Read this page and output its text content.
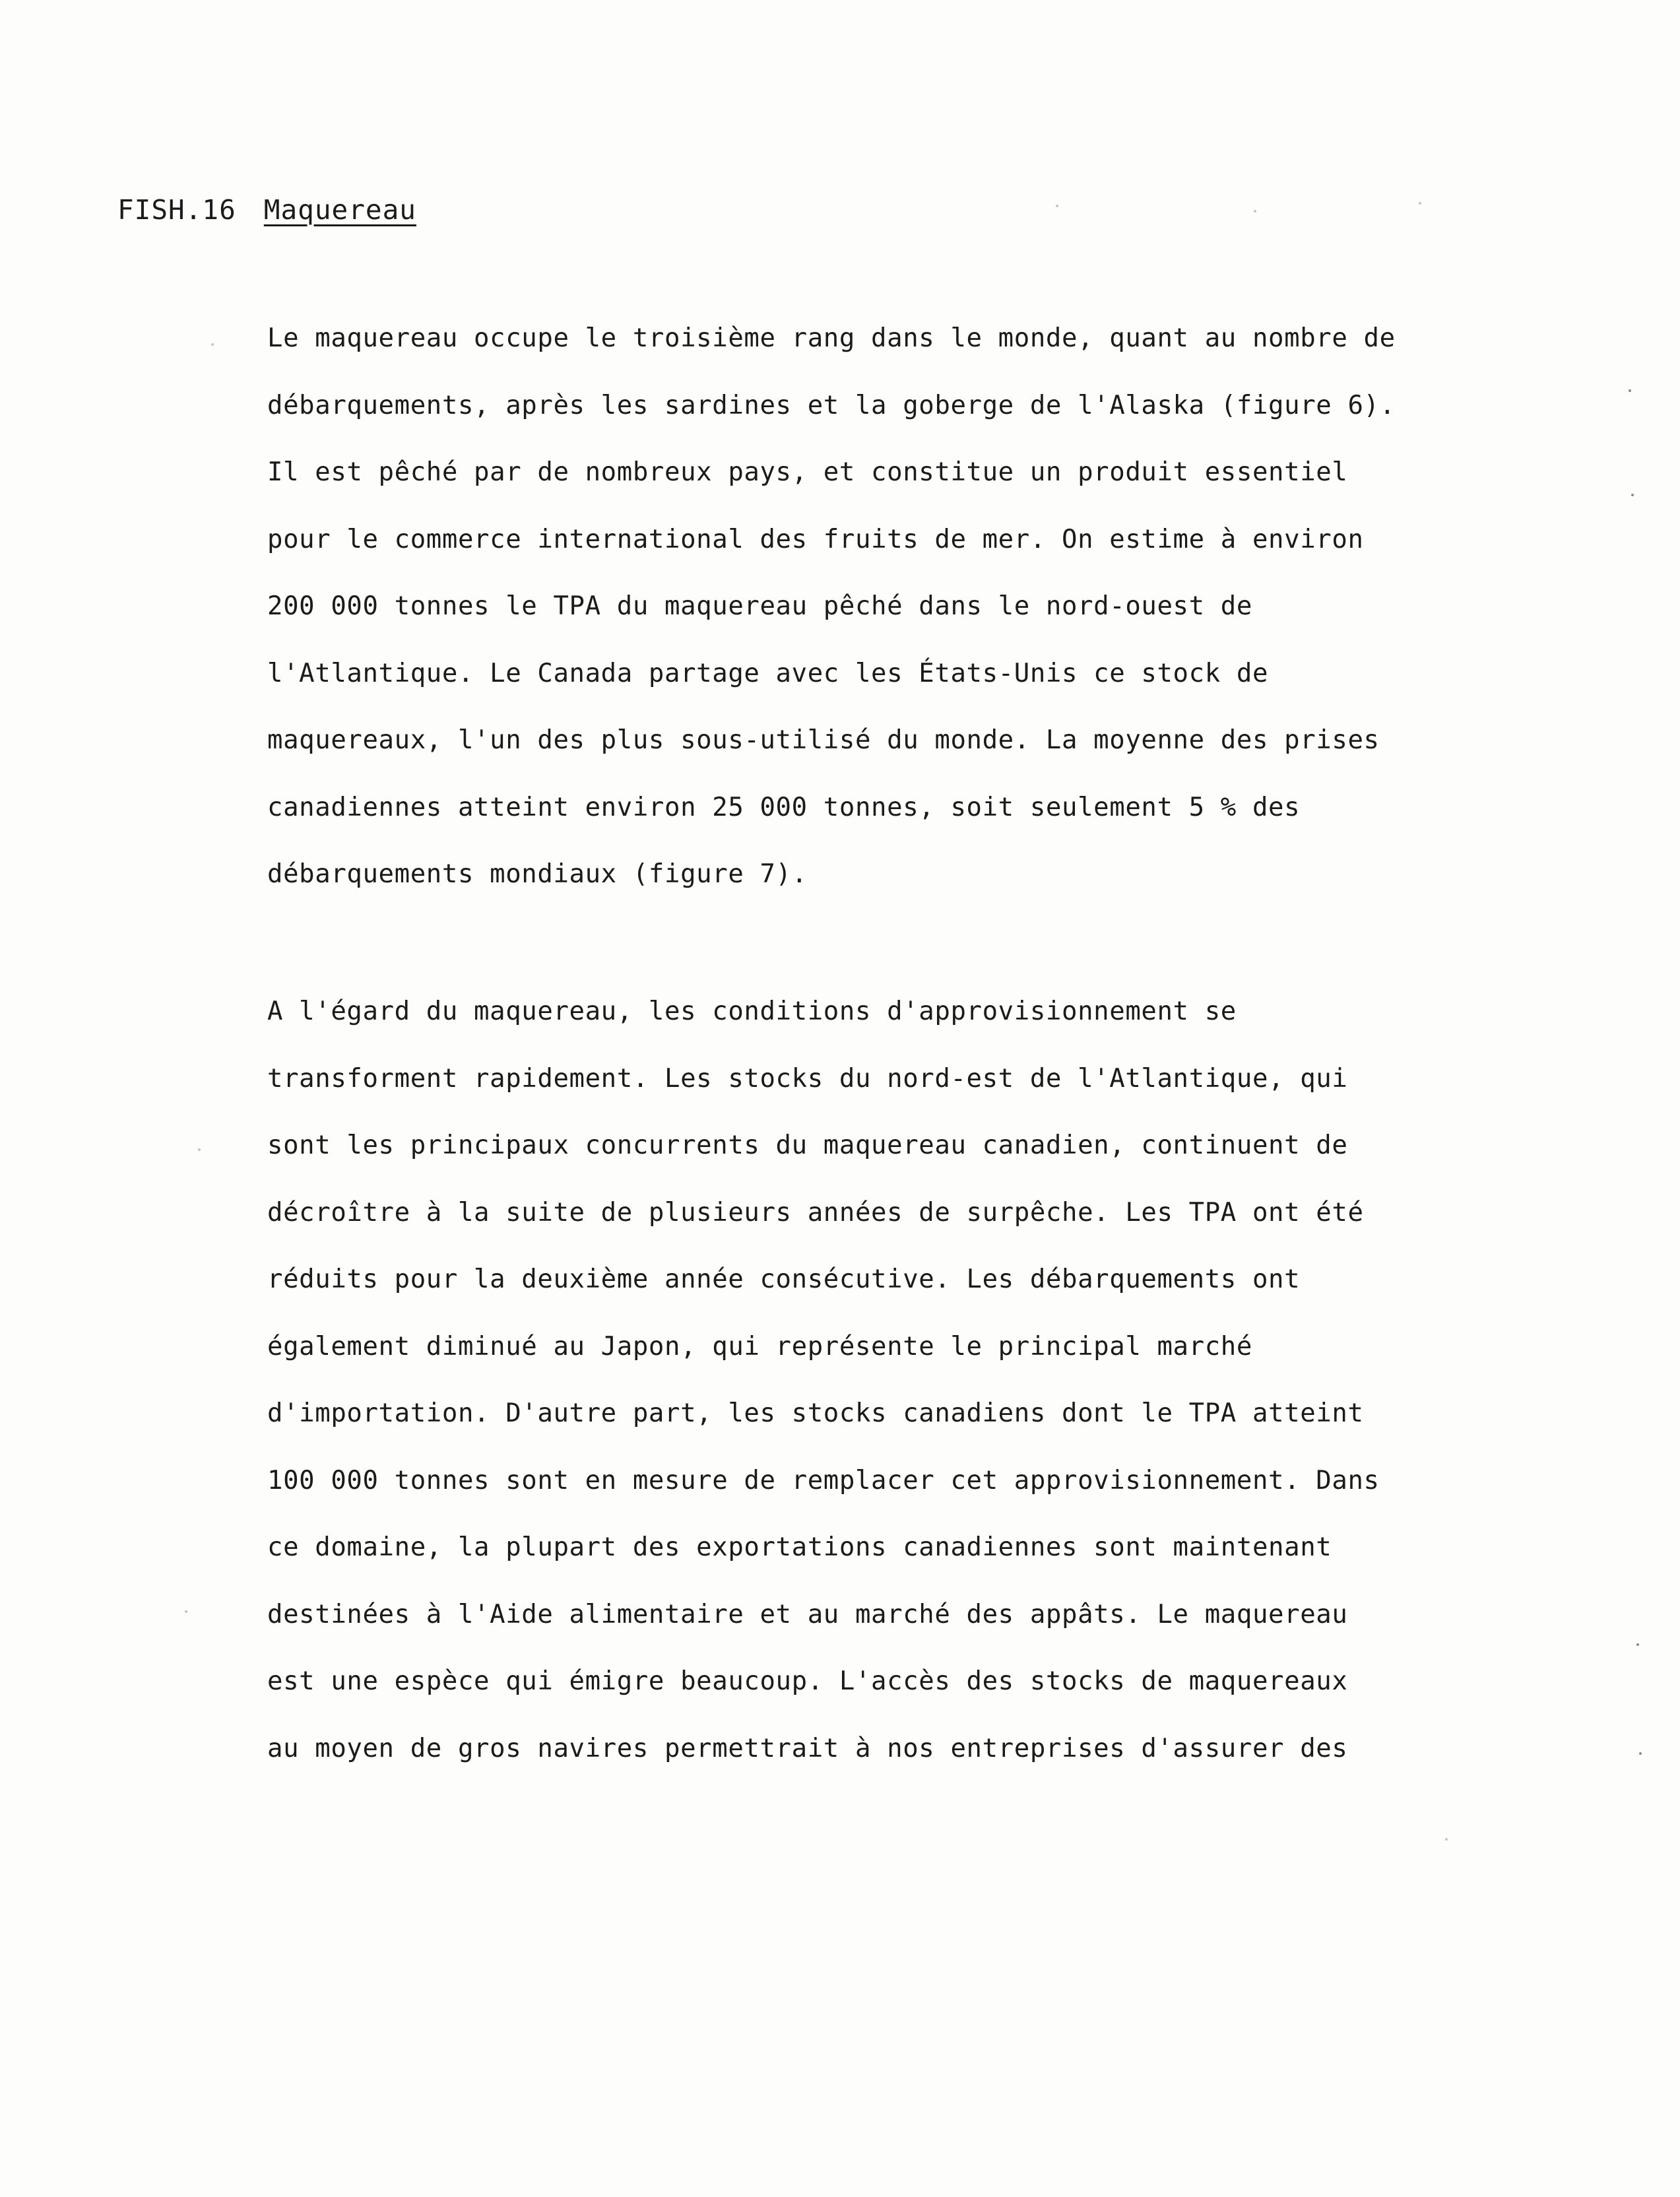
FISH.16 Maquereau
Le maquereau occupe le troisième rang dans le monde, quant au nombre de
débarquements, après les sardines et la goberge de l'Alaska (figure 6).
Il est pêché par de nombreux pays, et constitue un produit essentiel
pour le commerce international des fruits de mer. On estime à environ
200 000 tonnes le TPA du maquereau pêché dans le nord-ouest de
l'Atlantique. Le Canada partage avec les États-Unis ce stock de
maquereaux, l'un des plus sous-utilisé du monde. La moyenne des prises
canadiennes atteint environ 25 000 tonnes, soit seulement 5 % des
débarquements mondiaux (figure 7).
A l'égard du maquereau, les conditions d'approvisionnement se
transforment rapidement. Les stocks du nord-est de l'Atlantique, qui
sont les principaux concurrents du maquereau canadien, continuent de
décroître à la suite de plusieurs années de surpêche. Les TPA ont été
réduits pour la deuxième année consécutive. Les débarquements ont
également diminué au Japon, qui représente le principal marché
d'importation. D'autre part, les stocks canadiens dont le TPA atteint
100 000 tonnes sont en mesure de remplacer cet approvisionnement. Dans
ce domaine, la plupart des exportations canadiennes sont maintenant
destinées à l'Aide alimentaire et au marché des appâts. Le maquereau
est une espèce qui émigre beaucoup. L'accès des stocks de maquereaux
au moyen de gros navires permettrait à nos entreprises d'assurer des
